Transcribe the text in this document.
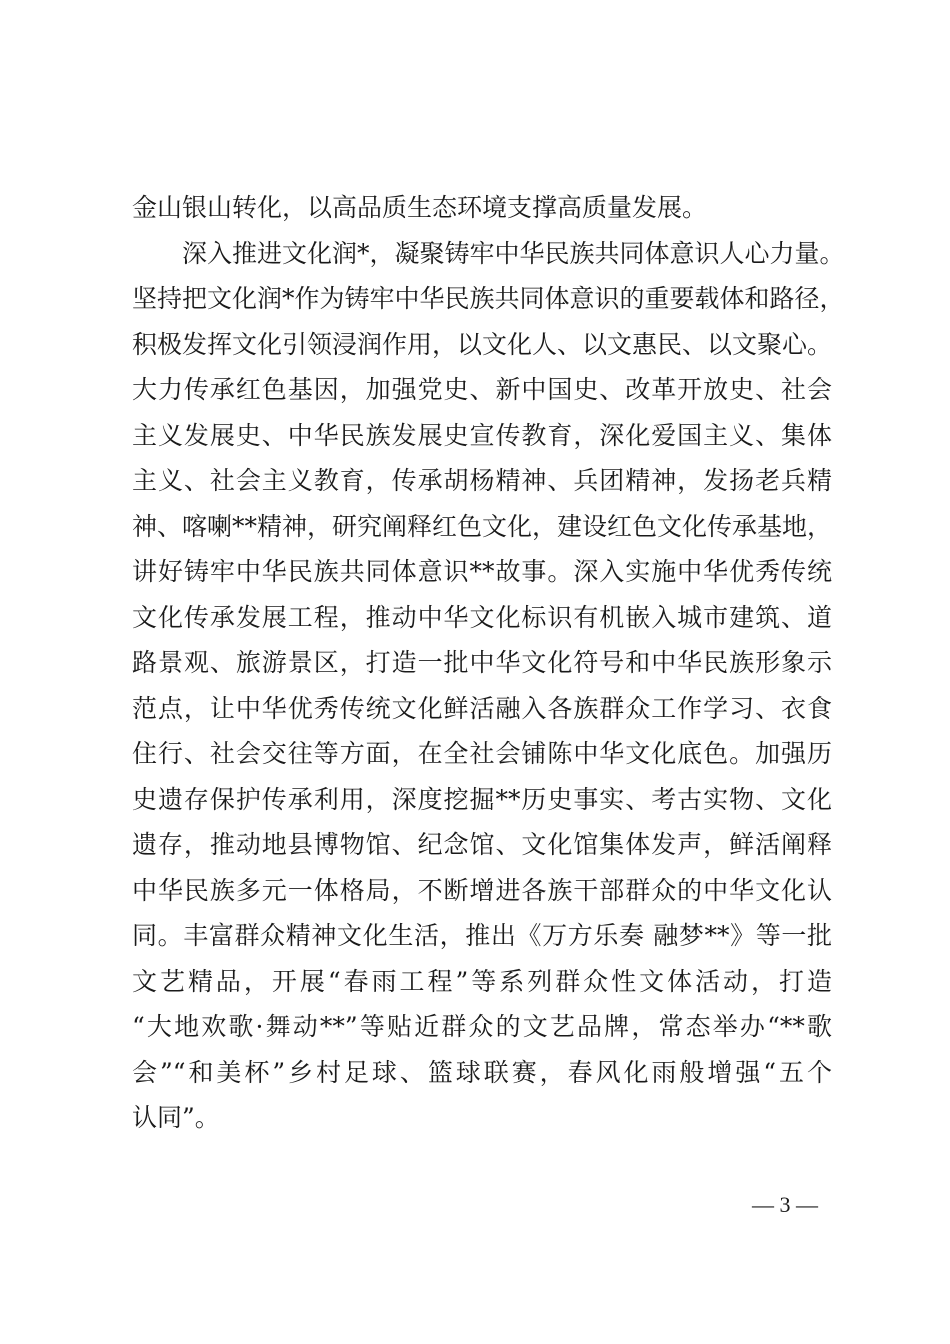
金山银山转化，以高品质生态环境支撑高质量发展。
深入推进文化润*，凝聚铸牢中华民族共同体意识人心力量。
坚持把文化润*作为铸牢中华民族共同体意识的重要载体和路径，
积极发挥文化引领浸润作用，以文化人、以文惠民、以文聚心。
大力传承红色基因，加强党史、新中国史、改革开放史、社会
主义发展史、中华民族发展史宣传教育，深化爱国主义、集体
主义、社会主义教育，传承胡杨精神、兵团精神，发扬老兵精
神、喀喇**精神，研究阐释红色文化，建设红色文化传承基地，
讲好铸牢中华民族共同体意识**故事。深入实施中华优秀传统
文化传承发展工程，推动中华文化标识有机嵌入城市建筑、道
路景观、旅游景区，打造一批中华文化符号和中华民族形象示
范点，让中华优秀传统文化鲜活融入各族群众工作学习、衣食
住行、社会交往等方面，在全社会铺陈中华文化底色。加强历
史遗存保护传承利用，深度挖掘**历史事实、考古实物、文化
遗存，推动地县博物馆、纪念馆、文化馆集体发声，鲜活阐释
中华民族多元一体格局，不断增进各族干部群众的中华文化认
同。丰富群众精神文化生活，推出《万方乐奏 融梦**》等一批
文艺精品，开展“春雨工程”等系列群众性文体活动，打造
“大地欢歌·舞动**”等贴近群众的文艺品牌，常态举办“**歌
会”“和美杯”乡村足球、篮球联赛，春风化雨般增强“五个
认同”。
— 3 —
